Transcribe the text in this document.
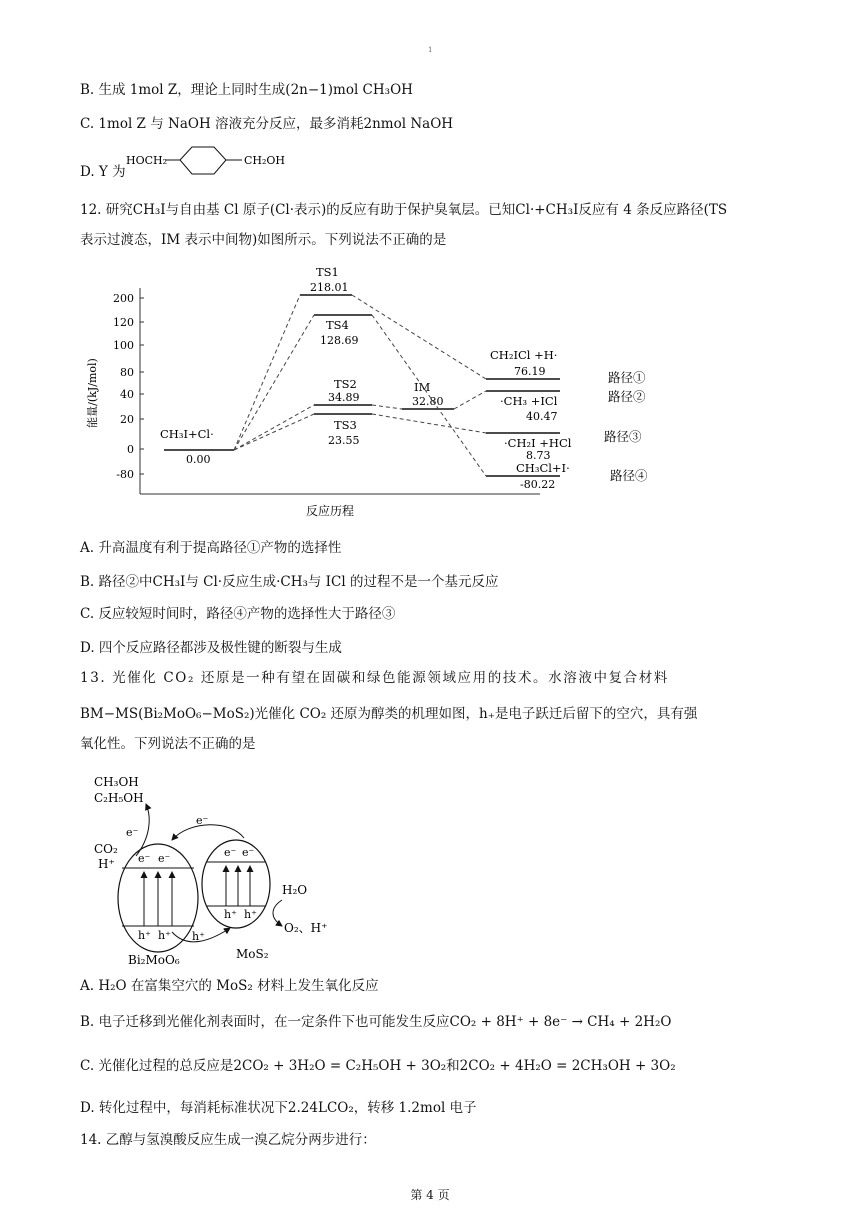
1
B. 生成 1mol Z，理论上同时生成(2n−1)mol CH₃OH
C. 1mol Z 与 NaOH 溶液充分反应，最多消耗2nmol NaOH
D. Y 为
HOCH₂	CH₂OH
12. 研究CH₃I与自由基 Cl 原子(Cl·表示)的反应有助于保护臭氧层。已知Cl·+CH₃I反应有 4 条反应路径(TS
表示过渡态，IM 表示中间物)如图所示。下列说法不正确的是
200
120
100
80
40
20
0
-80
能量/(kJ/mol)
反应历程
CH₃I+Cl·
0.00
TS1
218.01
TS4
128.69
TS2
34.89
TS3
23.55
IM
32.80
CH₂ICl +H·
76.19
·CH₃ +ICl
40.47
·CH₂I +HCl
8.73
CH₃Cl+I·
-80.22
路径①
路径②
路径③
路径④
A. 升高温度有利于提高路径①产物的选择性
B. 路径②中CH₃I与 Cl·反应生成·CH₃与 ICl 的过程不是一个基元反应
C. 反应较短时间时，路径④产物的选择性大于路径③
D. 四个反应路径都涉及极性键的断裂与生成
13. 光催化 CO₂ 还原是一种有望在固碳和绿色能源领域应用的技术。水溶液中复合材料
BM−MS(Bi₂MoO₆−MoS₂)光催化 CO₂ 还原为醇类的机理如图，h₊是电子跃迁后留下的空穴，具有强
氧化性。下列说法不正确的是
CH₃OH
C₂H₅OH
CO₂
H⁺
e⁻
e⁻ e⁻
h⁺ h⁺
Bi₂MoO₆
e⁻ e⁻
h⁺ h⁺
MoS₂
e⁻
h⁺
H₂O
O₂、H⁺
A. H₂O 在富集空穴的 MoS₂ 材料上发生氧化反应
B. 电子迁移到光催化剂表面时，在一定条件下也可能发生反应CO₂ + 8H⁺ + 8e⁻ → CH₄ + 2H₂O
C. 光催化过程的总反应是2CO₂ + 3H₂O = C₂H₅OH + 3O₂和2CO₂ + 4H₂O = 2CH₃OH + 3O₂
D. 转化过程中，每消耗标准状况下2.24LCO₂，转移 1.2mol 电子
14. 乙醇与氢溴酸反应生成一溴乙烷分两步进行：
第 4 页
